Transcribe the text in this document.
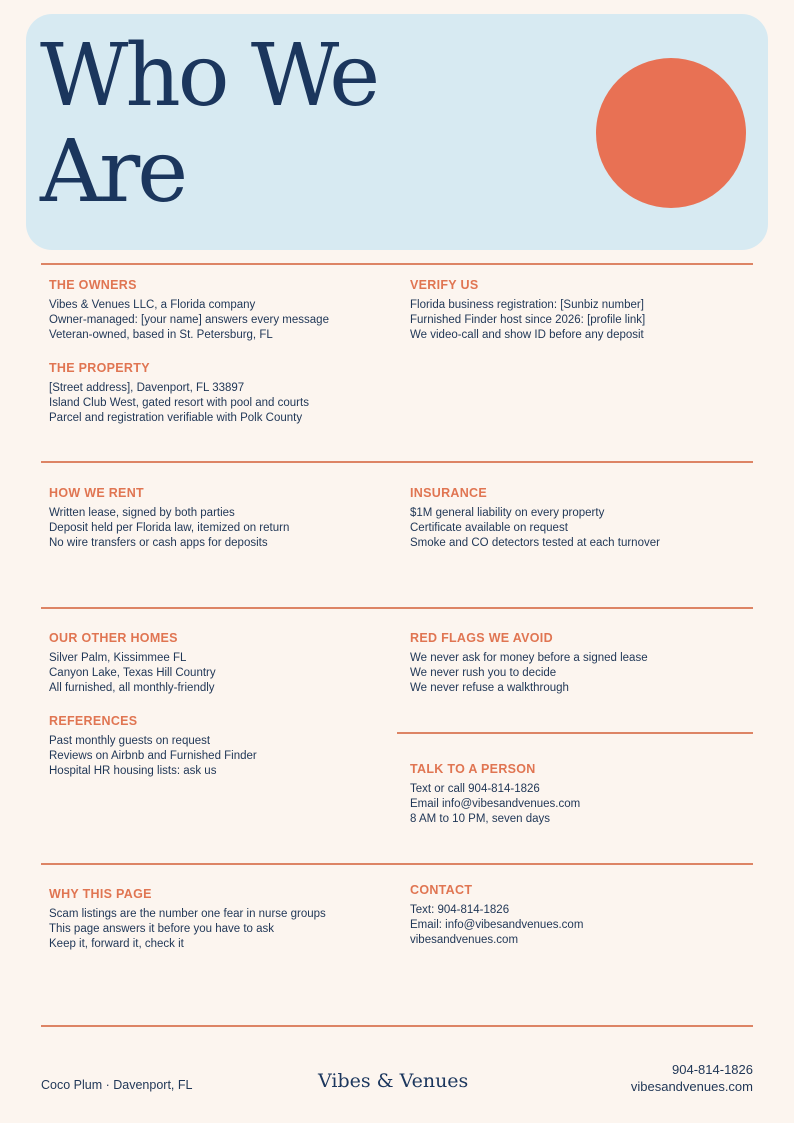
Who We
Are
THE OWNERS

Vibes & Venues LLC, a Florida company

Owner-managed: [your name] answers every message

Veteran-owned, based in St. Petersburg, FL

VERIFY US

Florida business registration: [Sunbiz number]

Furnished Finder host since 2026: [profile link]

We video-call and show ID before any deposit

THE PROPERTY

[Street address], Davenport, FL 33897

Island Club West, gated resort with pool and courts

Parcel and registration verifiable with Polk County

HOW WE RENT

Written lease, signed by both parties

Deposit held per Florida law, itemized on return

No wire transfers or cash apps for deposits

INSURANCE

$1M general liability on every property

Certificate available on request

Smoke and CO detectors tested at each turnover

OUR OTHER HOMES

Silver Palm, Kissimmee FL

Canyon Lake, Texas Hill Country

All furnished, all monthly-friendly

RED FLAGS WE AVOID

We never ask for money before a signed lease

We never rush you to decide

We never refuse a walkthrough

REFERENCES

Past monthly guests on request

Reviews on Airbnb and Furnished Finder

Hospital HR housing lists: ask us	TALK TO A PERSON

Text or call 904-814-1826

Email info@vibesandvenues.com

8 AM to 10 PM, seven days

WHY THIS PAGE

Scam listings are the number one fear in nurse groups

This page answers it before you have to ask

Keep it, forward it, check it

CONTACT

Text: 904-814-1826

Email: info@vibesandvenues.com

vibesandvenues.com

Coco Plum · Davenport, FL	Vibes & Venues

904-814-1826

vibesandvenues.com
